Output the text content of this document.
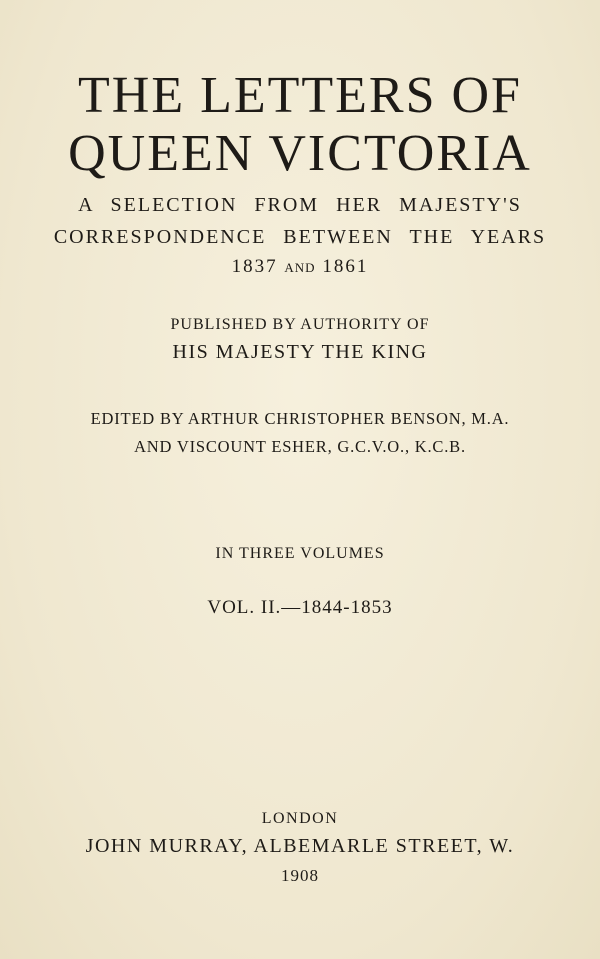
THE LETTERS OF
QUEEN VICTORIA

A SELECTION FROM HER MAJESTY'S

CORRESPONDENCE BETWEEN THE YEARS

1837 AND 1861

PUBLISHED BY AUTHORITY OF

HIS MAJESTY THE KING

EDITED BY ARTHUR CHRISTOPHER BENSON, M.A.

AND VISCOUNT ESHER, G.C.V.O., K.C.B.

IN THREE VOLUMES

VOL. II.—1844-1853

LONDON

JOHN MURRAY, ALBEMARLE STREET, W.

1908
